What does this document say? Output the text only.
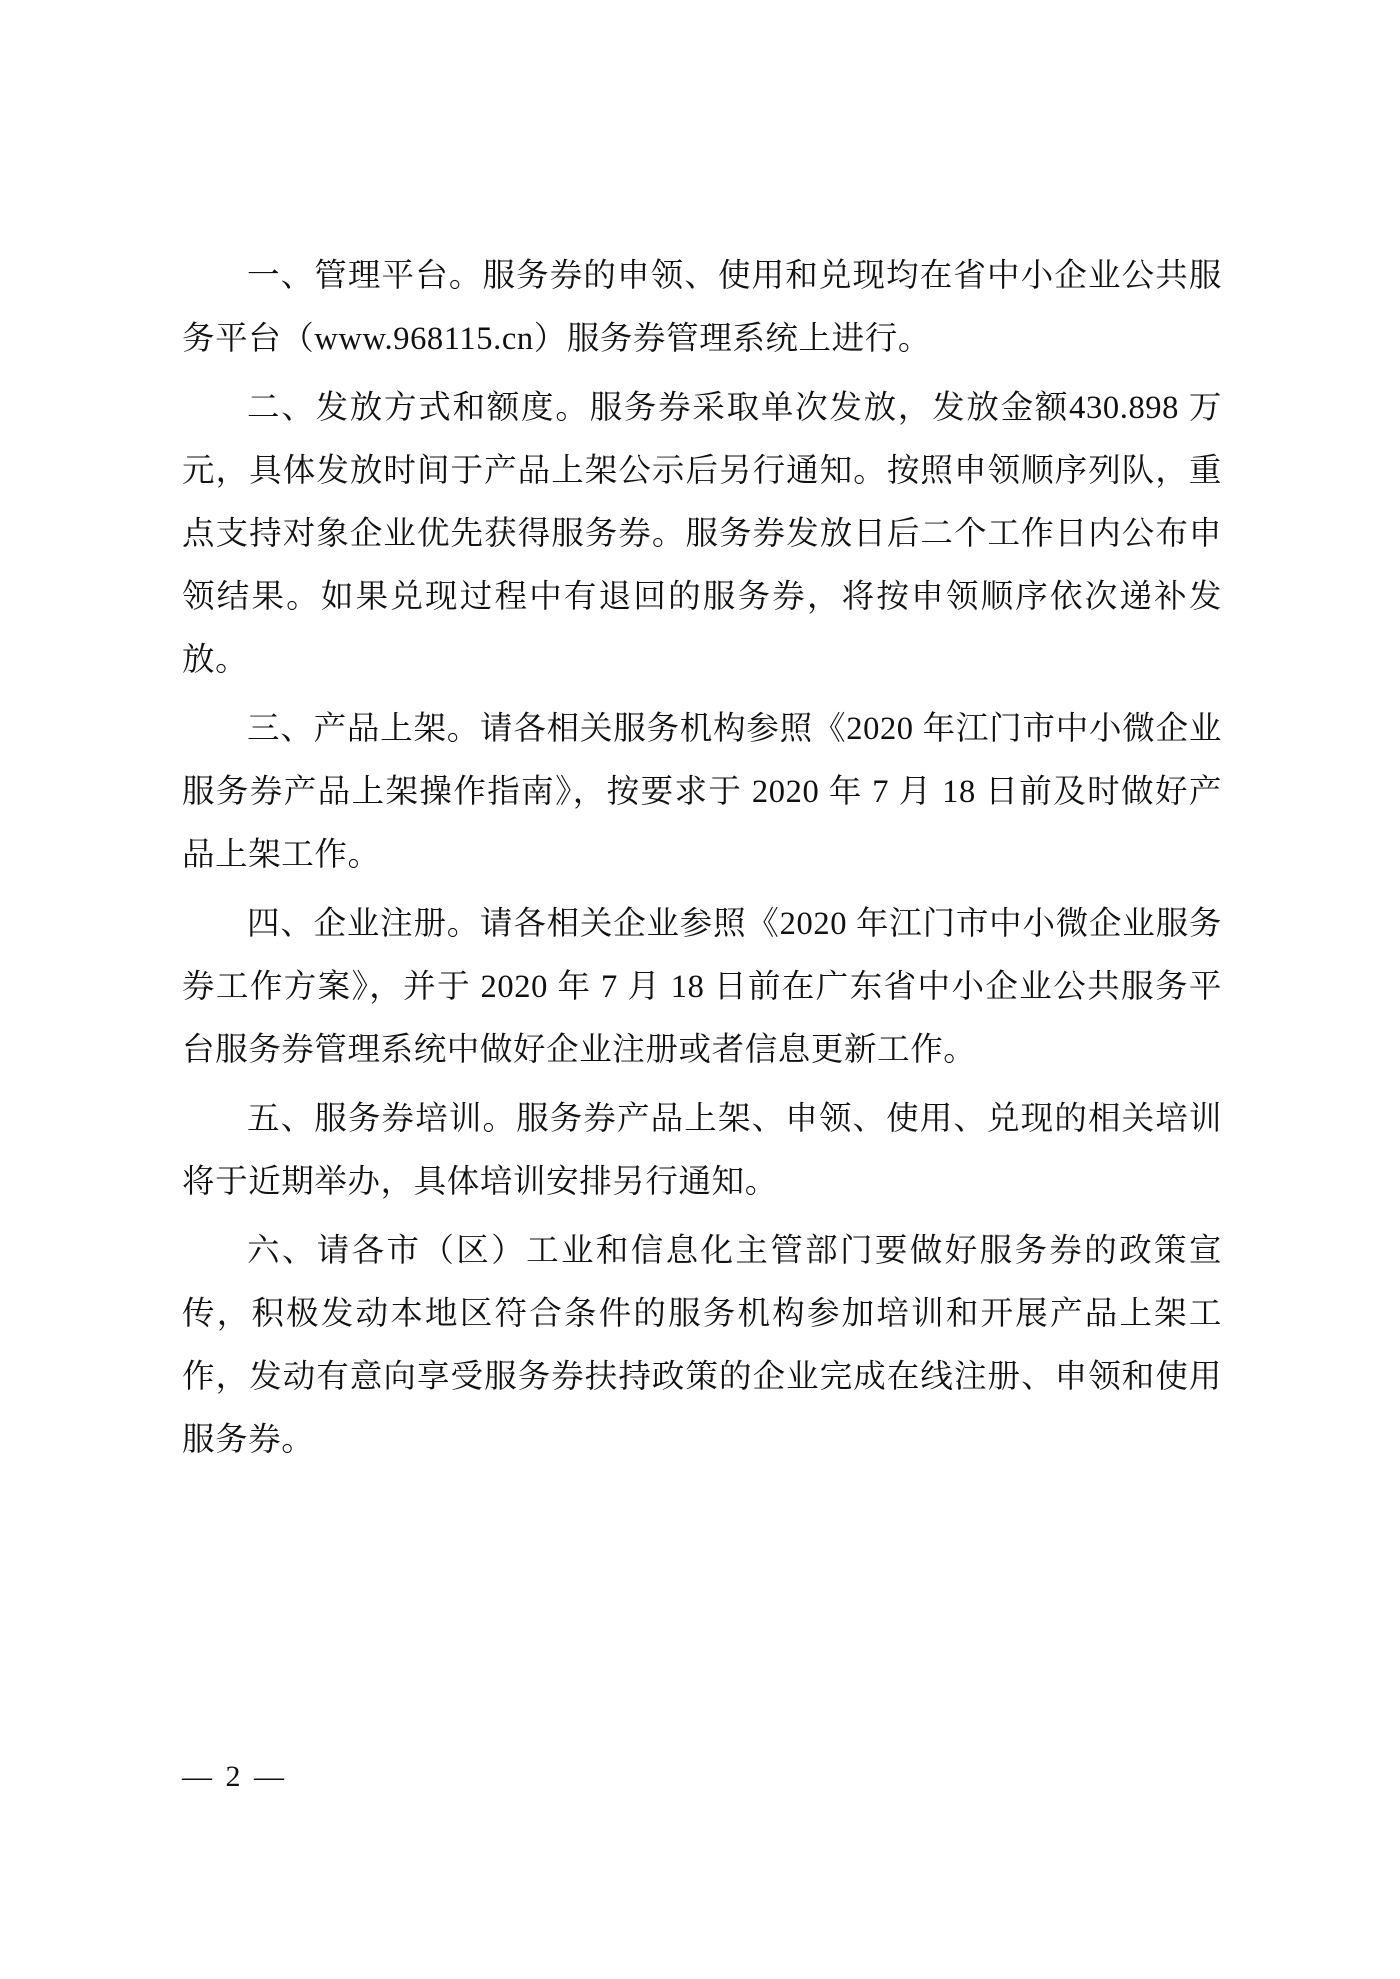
一、管理平台。服务券的申领、使用和兑现均在省中小企业公共服务平台（www.968115.cn）服务券管理系统上进行。

二、发放方式和额度。服务券采取单次发放，发放金额430.898 万元，具体发放时间于产品上架公示后另行通知。按照申领顺序列队，重点支持对象企业优先获得服务券。服务券发放日后二个工作日内公布申领结果。如果兑现过程中有退回的服务券，将按申领顺序依次递补发放。

三、产品上架。请各相关服务机构参照《2020 年江门市中小微企业服务券产品上架操作指南》，按要求于 2020 年 7 月 18 日前及时做好产品上架工作。

四、企业注册。请各相关企业参照《2020 年江门市中小微企业服务券工作方案》，并于 2020 年 7 月 18 日前在广东省中小企业公共服务平台服务券管理系统中做好企业注册或者信息更新工作。

五、服务券培训。服务券产品上架、申领、使用、兑现的相关培训将于近期举办，具体培训安排另行通知。

六、请各市（区）工业和信息化主管部门要做好服务券的政策宣传，积极发动本地区符合条件的服务机构参加培训和开展产品上架工作，发动有意向享受服务券扶持政策的企业完成在线注册、申领和使用服务券。

— 2 —
